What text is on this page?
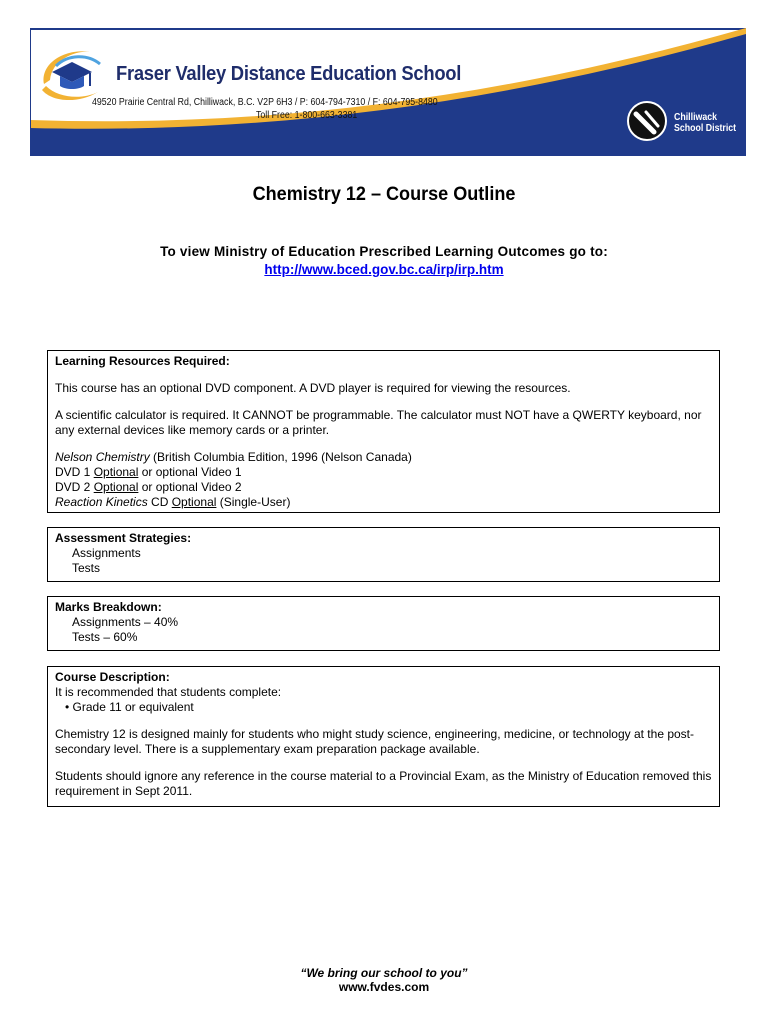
Fraser Valley Distance Education School
49520 Prairie Central Rd, Chilliwack, B.C. V2P 6H3 / P: 604-794-7310 / F: 604-795-8480
Toll Free: 1-800-663-3381	Chilliwack
School District
Chemistry 12 – Course Outline
To view Ministry of Education Prescribed Learning Outcomes go to:
http://www.bced.gov.bc.ca/irp/irp.htm

Learning Resources Required:

This course has an optional DVD component. A DVD player is required for viewing the resources.

A scientific calculator is required. It CANNOT be programmable. The calculator must NOT have a QWERTY keyboard, nor any external devices like memory cards or a printer.

Nelson Chemistry (British Columbia Edition, 1996 (Nelson Canada)

DVD 1 Optional or optional Video 1

DVD 2 Optional or optional Video 2

Reaction Kinetics CD Optional (Single-User)

Assessment Strategies:

Assignments

Tests

Marks Breakdown:

Assignments – 40%

Tests – 60%

Course Description:

It is recommended that students complete:

• Grade 11 or equivalent

Chemistry 12 is designed mainly for students who might study science, engineering, medicine, or technology at the post-secondary level. There is a supplementary exam preparation package available.

Students should ignore any reference in the course material to a Provincial Exam, as the Ministry of Education removed this requirement in Sept 2011.

“We bring our school to you”
www.fvdes.com
